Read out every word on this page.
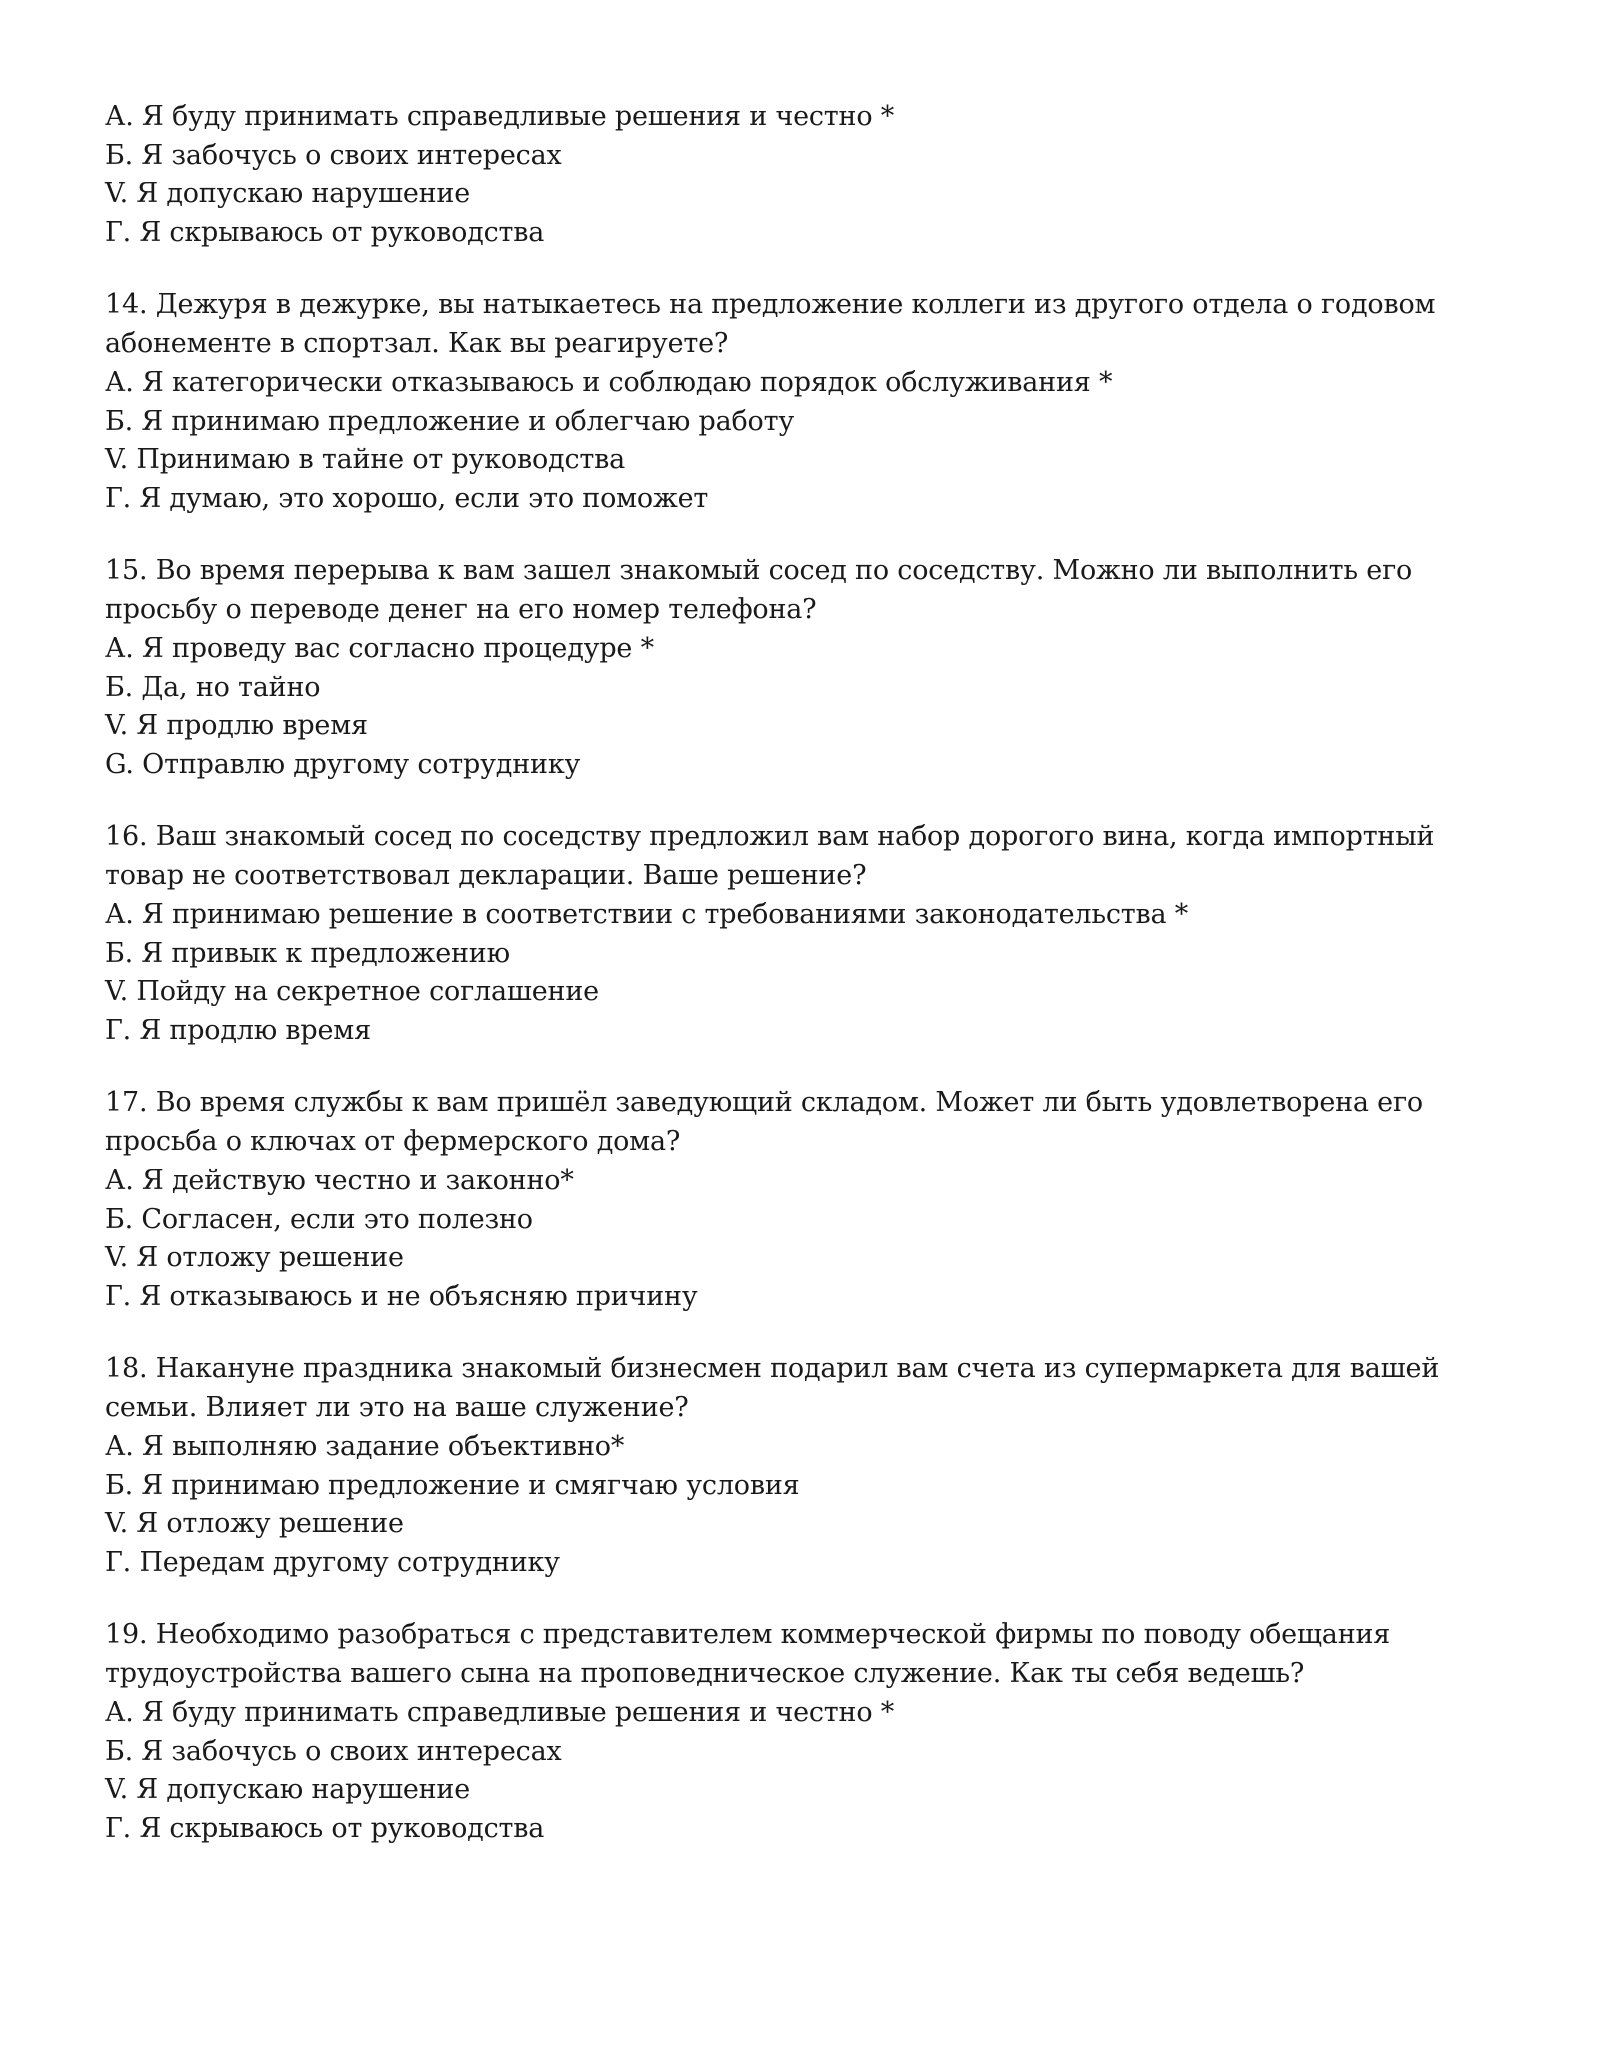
А. Я буду принимать справедливые решения и честно *
Б. Я забочусь о своих интересах
V. Я допускаю нарушение
Г. Я скрываюсь от руководства
14. Дежуря в дежурке, вы натыкаетесь на предложение коллеги из другого отдела о годовом абонементе в спортзал. Как вы реагируете?
А. Я категорически отказываюсь и соблюдаю порядок обслуживания *
Б. Я принимаю предложение и облегчаю работу
V. Принимаю в тайне от руководства
Г. Я думаю, это хорошо, если это поможет
15. Во время перерыва к вам зашел знакомый сосед по соседству. Можно ли выполнить его просьбу о переводе денег на его номер телефона?
А. Я проведу вас согласно процедуре *
Б. Да, но тайно
V. Я продлю время
G. Отправлю другому сотруднику
16. Ваш знакомый сосед по соседству предложил вам набор дорогого вина, когда импортный товар не соответствовал декларации. Ваше решение?
А. Я принимаю решение в соответствии с требованиями законодательства *
Б. Я привык к предложению
V. Пойду на секретное соглашение
Г. Я продлю время
17. Во время службы к вам пришёл заведующий складом. Может ли быть удовлетворена его просьба о ключах от фермерского дома?
А. Я действую честно и законно*
Б. Согласен, если это полезно
V. Я отложу решение
Г. Я отказываюсь и не объясняю причину
18. Накануне праздника знакомый бизнесмен подарил вам счета из супермаркета для вашей семьи. Влияет ли это на ваше служение?
А. Я выполняю задание объективно*
Б. Я принимаю предложение и смягчаю условия
V. Я отложу решение
Г. Передам другому сотруднику
19. Необходимо разобраться с представителем коммерческой фирмы по поводу обещания трудоустройства вашего сына на проповедническое служение. Как ты себя ведешь?
А. Я буду принимать справедливые решения и честно *
Б. Я забочусь о своих интересах
V. Я допускаю нарушение
Г. Я скрываюсь от руководства
